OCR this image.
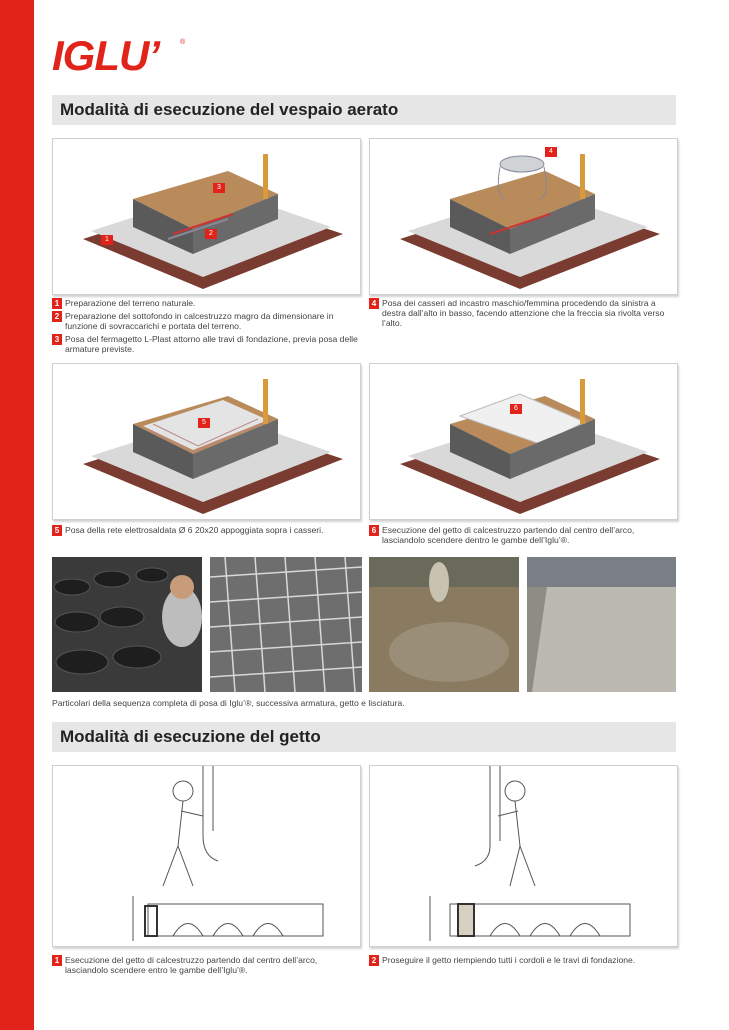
14
IGLU’	®
Modalità di esecuzione del vespaio aerato
1
2
3
4
1 Preparazione del terreno naturale.
2 Preparazione del sottofondo in calcestruzzo magro da dimensionare in funzione di sovraccarichi e portata del terreno.
3 Posa del fermagetto L-Plast attorno alle travi di fondazione, previa posa delle armature previste.
4 Posa dei casseri ad incastro maschio/femmina procedendo da sinistra a destra dall’alto in basso, facendo attenzione che la freccia sia rivolta verso l’alto.
5
6
5 Posa della rete elettrosaldata Ø 6 20x20 appoggiata sopra i casseri.	6 Esecuzione del getto di calcestruzzo partendo dal centro dell’arco, lasciandolo scendere dentro le gambe dell’Iglu’®.
Particolari della sequenza completa di posa di Iglu’®, successiva armatura, getto e lisciatura.
Modalità di esecuzione del getto
1 Esecuzione del getto di calcestruzzo partendo dal centro dell’arco, lasciandolo scendere entro le gambe dell’Iglu’®.
2 Proseguire il getto riempiendo tutti i cordoli e le travi di fondazione.
